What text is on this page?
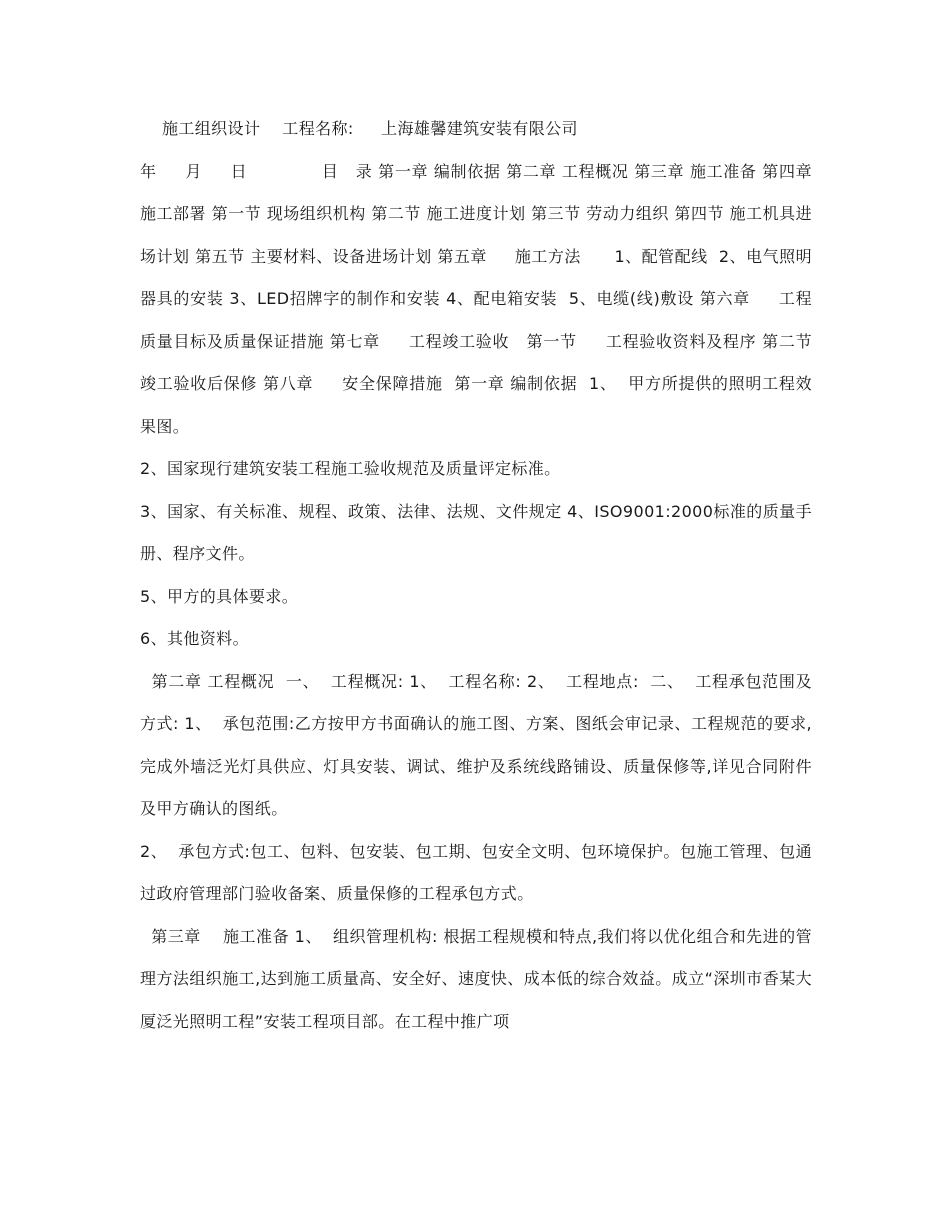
施工组织设计    工程名称:     上海雄馨建筑安装有限公司

年     月     日             目   录 第一章 编制依据 第二章 工程概况 第三章 施工准备 第四章 施工部署 第一节 现场组织机构 第二节 施工进度计划 第三节 劳动力组织 第四节 施工机具进场计划 第五节 主要材料、设备进场计划 第五章     施工方法      1、配管配线  2、电气照明器具的安装 3、LED招牌字的制作和安装 4、配电箱安装  5、电缆(线)敷设 第六章     工程质量目标及质量保证措施 第七章     工程竣工验收   第一节     工程验收资料及程序 第二节     竣工验收后保修 第八章     安全保障措施  第一章 编制依据  1、  甲方所提供的照明工程效果图。

2、国家现行建筑安装工程施工验收规范及质量评定标准。

3、国家、有关标准、规程、政策、法律、法规、文件规定 4、ISO9001:2000标准的质量手册、程序文件。

5、甲方的具体要求。

6、其他资料。

第二章 工程概况  一、  工程概况: 1、  工程名称: 2、  工程地点:  二、  工程承包范围及方式: 1、  承包范围:乙方按甲方书面确认的施工图、方案、图纸会审记录、工程规范的要求,完成外墙泛光灯具供应、灯具安装、调试、维护及系统线路铺设、质量保修等,详见合同附件及甲方确认的图纸。

2、  承包方式:包工、包料、包安装、包工期、包安全文明、包环境保护。包施工管理、包通过政府管理部门验收备案、质量保修的工程承包方式。

第三章    施工准备 1、  组织管理机构: 根据工程规模和特点,我们将以优化组合和先进的管理方法组织施工,达到施工质量高、安全好、速度快、成本低的综合效益。成立“深圳市香某大厦泛光照明工程”安装工程项目部。在工程中推广项
